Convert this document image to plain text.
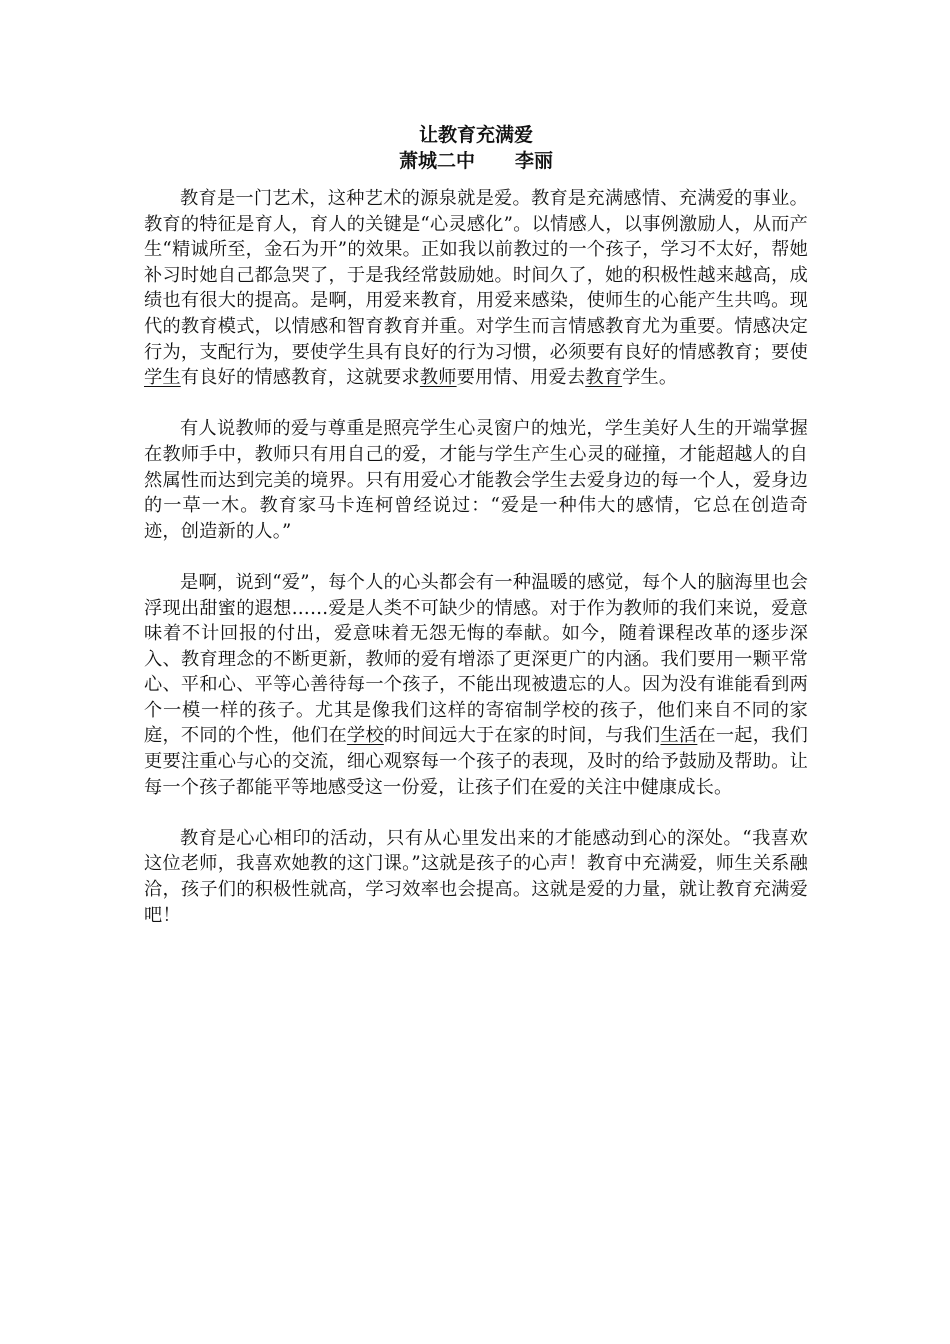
让教育充满爱
萧城二中 李丽

教育是一门艺术，这种艺术的源泉就是爱。教育是充满感情、充满爱的事业。教育的特征是育人，育人的关键是“心灵感化”。以情感人，以事例激励人，从而产生“精诚所至，金石为开”的效果。正如我以前教过的一个孩子，学习不太好，帮她补习时她自己都急哭了，于是我经常鼓励她。时间久了，她的积极性越来越高，成绩也有很大的提高。是啊，用爱来教育，用爱来感染，使师生的心能产生共鸣。现代的教育模式，以情感和智育教育并重。对学生而言情感教育尤为重要。情感决定行为，支配行为，要使学生具有良好的行为习惯，必须要有良好的情感教育；要使学生有良好的情感教育，这就要求教师要用情、用爱去教育学生。

有人说教师的爱与尊重是照亮学生心灵窗户的烛光，学生美好人生的开端掌握在教师手中，教师只有用自己的爱，才能与学生产生心灵的碰撞，才能超越人的自然属性而达到完美的境界。只有用爱心才能教会学生去爱身边的每一个人，爱身边的一草一木。教育家马卡连柯曾经说过：“爱是一种伟大的感情，它总在创造奇迹，创造新的人。”

是啊，说到“爱”，每个人的心头都会有一种温暖的感觉，每个人的脑海里也会浮现出甜蜜的遐想……爱是人类不可缺少的情感。对于作为教师的我们来说，爱意味着不计回报的付出，爱意味着无怨无悔的奉献。如今，随着课程改革的逐步深入、教育理念的不断更新，教师的爱有增添了更深更广的内涵。我们要用一颗平常心、平和心、平等心善待每一个孩子，不能出现被遗忘的人。因为没有谁能看到两个一模一样的孩子。尤其是像我们这样的寄宿制学校的孩子，他们来自不同的家庭，不同的个性，他们在学校的时间远大于在家的时间，与我们生活在一起，我们更要注重心与心的交流，细心观察每一个孩子的表现，及时的给予鼓励及帮助。让每一个孩子都能平等地感受这一份爱，让孩子们在爱的关注中健康成长。

教育是心心相印的活动，只有从心里发出来的才能感动到心的深处。“我喜欢这位老师，我喜欢她教的这门课。”这就是孩子的心声！教育中充满爱，师生关系融洽，孩子们的积极性就高，学习效率也会提高。这就是爱的力量，就让教育充满爱吧！
